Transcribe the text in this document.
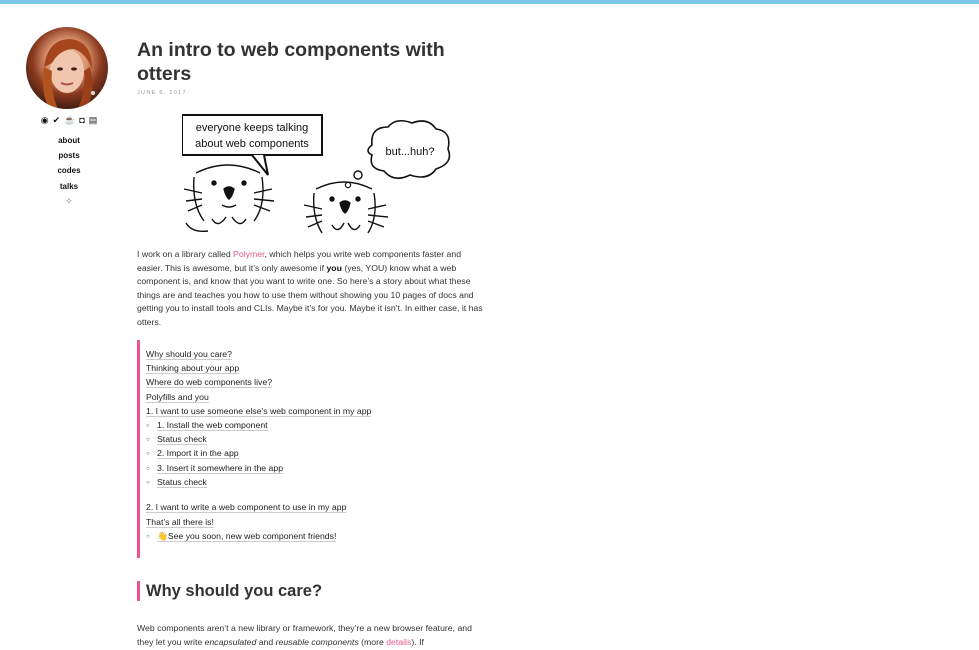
◉ ✔ ☕ ◘ ▤
about
posts
codes
talks
✧
An intro to web components with otters
JUNE 6, 2017
everyone keeps talking
about web components
but...huh?

I work on a library called Polymer, which helps you write web components faster and easier. This is awesome, but it’s only awesome if you (yes, YOU) know what a web component is, and know that you want to write one. So here’s a story about what these things are and teaches you how to use them without showing you 10 pages of docs and getting you to install tools and CLIs. Maybe it’s for you. Maybe it isn’t. In either case, it has otters.

Why should you care?
Thinking about your app
Where do web components live?
Polyfills and you
1. I want to use someone else’s web component in my app
○ 1. Install the web component
○ Status check
○ 2. Import it in the app
○ 3. Insert it somewhere in the app
○ Status check
2. I want to write a web component to use in my app
That’s all there is!
○ 👋See you soon, new web component friends!
Why should you care?

Web components aren’t a new library or framework, they’re a new browser feature, and they let you write encapsulated and reusable components (more details). If
